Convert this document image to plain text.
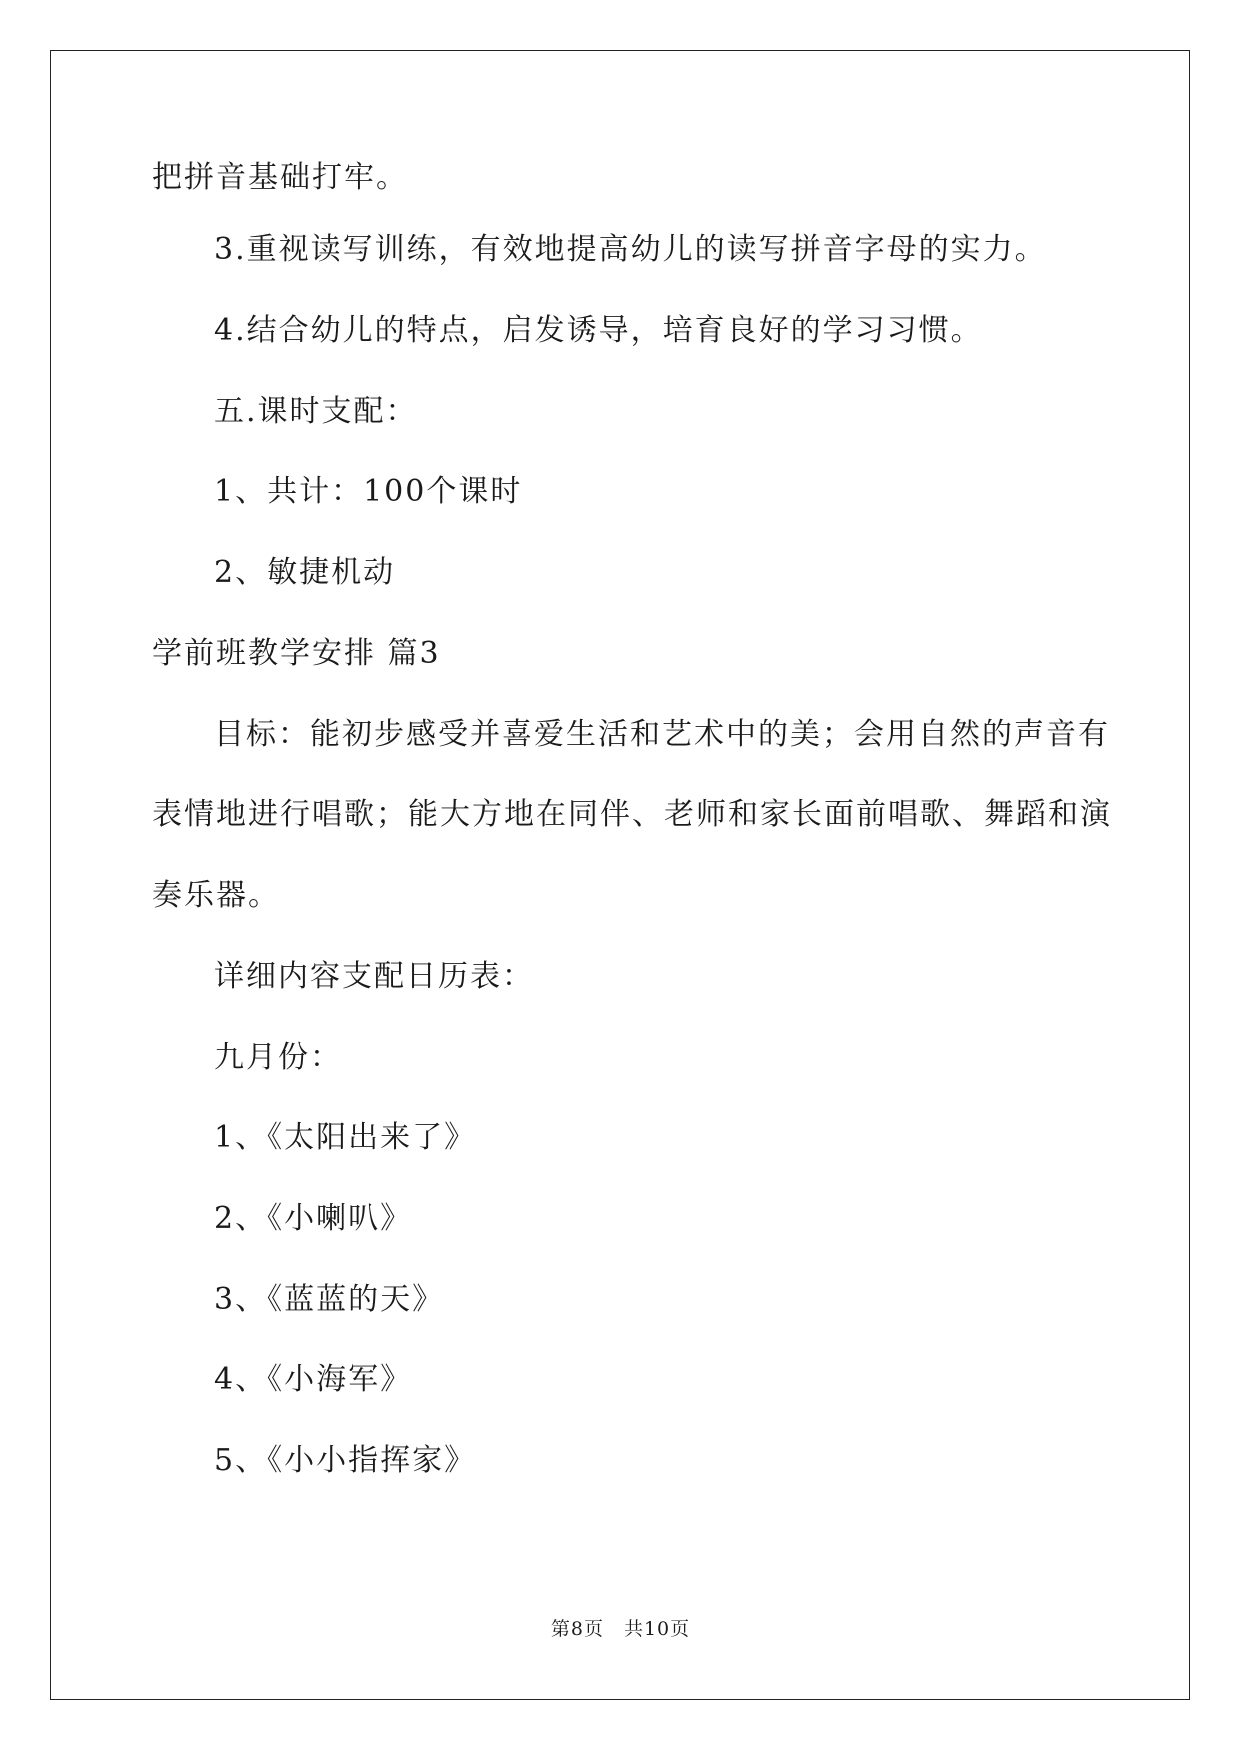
把拼音基础打牢。
3.重视读写训练，有效地提高幼儿的读写拼音字母的实力。
4.结合幼儿的特点，启发诱导，培育良好的学习习惯。
五.课时支配：
1、共计：100个课时
2、敏捷机动
学前班教学安排 篇3
目标：能初步感受并喜爱生活和艺术中的美；会用自然的声音有
表情地进行唱歌；能大方地在同伴、老师和家长面前唱歌、舞蹈和演
奏乐器。
详细内容支配日历表：
九月份：
1、《太阳出来了》
2、《小喇叭》
3、《蓝蓝的天》
4、《小海军》
5、《小小指挥家》
第8页 共10页
